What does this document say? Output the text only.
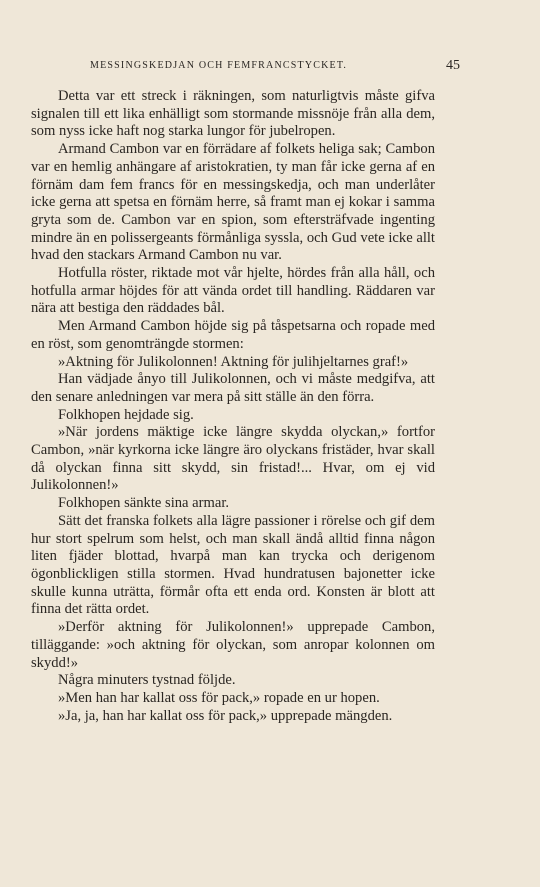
MESSINGSKEDJAN OCH FEMFRANCSTYCKET.	45

Detta var ett streck i räkningen, som naturligtvis måste gifva signalen till ett lika enhälligt som stormande missnöje från alla dem, som nyss icke haft nog starka lungor för jubelropen.

Armand Cambon var en förrädare af folkets heliga sak; Cambon var en hemlig anhängare af aristokratien, ty man får icke gerna af en förnäm dam fem francs för en messingskedja, och man underlåter icke gerna att spetsa en förnäm herre, så framt man ej kokar i samma gryta som de. Cambon var en spion, som eftersträfvade ingenting mindre än en polissergeants förmånliga syssla, och Gud vete icke allt hvad den stackars Armand Cambon nu var.

Hotfulla röster, riktade mot vår hjelte, hördes från alla håll, och hotfulla armar höjdes för att vända ordet till handling. Räddaren var nära att bestiga den räddades bål.

Men Armand Cambon höjde sig på tåspetsarna och ropade med en röst, som genomträngde stormen:

»Aktning för Julikolonnen! Aktning för julihjeltarnes graf!»

Han vädjade ånyo till Julikolonnen, och vi måste medgifva, att den senare anledningen var mera på sitt ställe än den förra.

Folkhopen hejdade sig.

»När jordens mäktige icke längre skydda olyckan,» fortfor Cambon, »när kyrkorna icke längre äro olyckans fristäder, hvar skall då olyckan finna sitt skydd, sin fristad!... Hvar, om ej vid Julikolonnen!»

Folkhopen sänkte sina armar.

Sätt det franska folkets alla lägre passioner i rörelse och gif dem hur stort spelrum som helst, och man skall ändå alltid finna någon liten fjäder blottad, hvarpå man kan trycka och derigenom ögonblickligen stilla stormen. Hvad hundratusen bajonetter icke skulle kunna uträtta, förmår ofta ett enda ord. Konsten är blott att finna det rätta ordet.

»Derför aktning för Julikolonnen!» upprepade Cambon, tilläggande: »och aktning för olyckan, som anropar kolonnen om skydd!»

Några minuters tystnad följde.

»Men han har kallat oss för pack,» ropade en ur hopen.

»Ja, ja, han har kallat oss för pack,» upprepade mängden.
